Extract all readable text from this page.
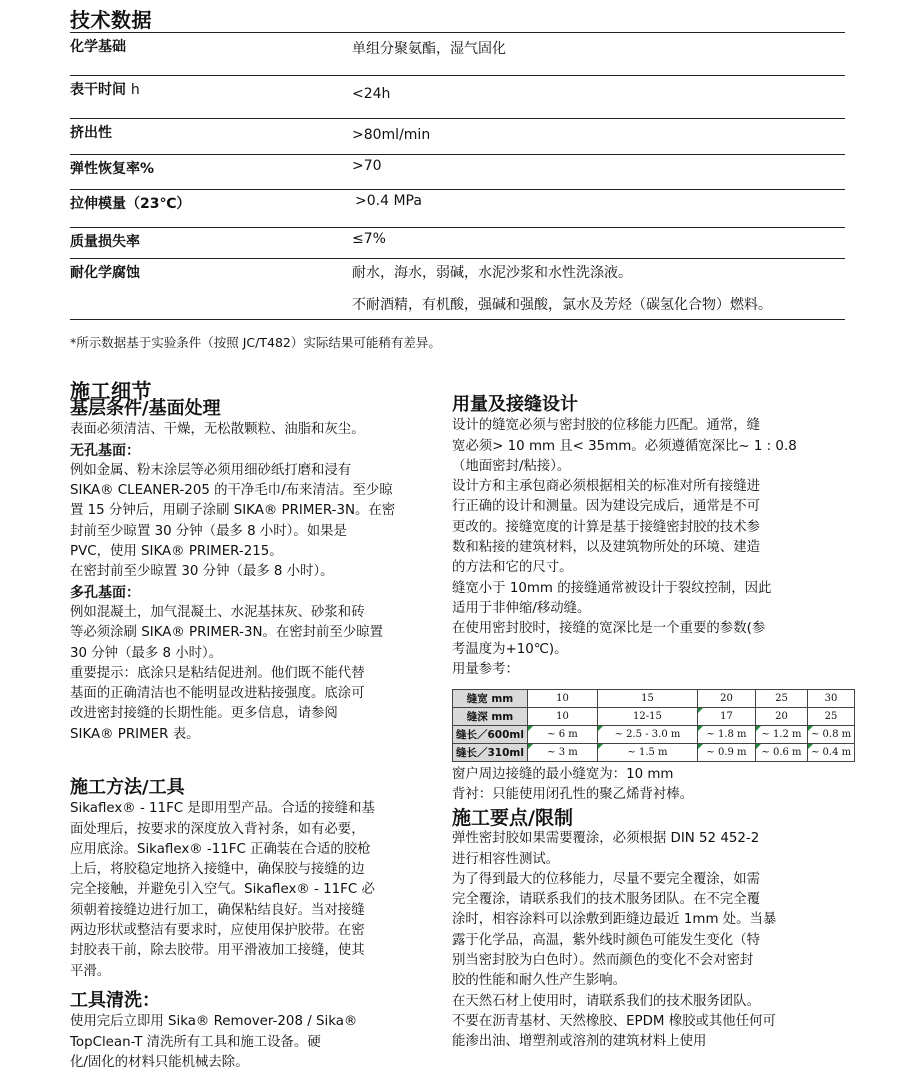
技术数据
化学基础	单组分聚氨酯，湿气固化
表干时间 h	<24h
挤出性	>80ml/min
弹性恢复率%	>70
拉伸模量（23℃）	>0.4 MPa
质量损失率	≤7%
耐化学腐蚀	耐水，海水，弱碱，水泥沙浆和水性洗涤液。
不耐酒精，有机酸，强碱和强酸，氯水及芳烃（碳氢化合物）燃料。
*所示数据基于实验条件（按照 JC/T482）实际结果可能稍有差异。
施工细节
基层条件/基面处理

表面必须清洁、干燥，无松散颗粒、油脂和灰尘。

无孔基面：

例如金属、粉末涂层等必须用细砂纸打磨和浸有

SIKA® CLEANER-205 的干净毛巾/布来清洁。至少晾

置 15 分钟后，用刷子涂刷 SIKA® PRIMER-3N。在密

封前至少晾置 30 分钟（最多 8 小时）。如果是

PVC，使用 SIKA® PRIMER-215。

在密封前至少晾置 30 分钟（最多 8 小时）。

多孔基面：

例如混凝土，加气混凝土、水泥基抹灰、砂浆和砖

等必须涂刷 SIKA® PRIMER-3N。在密封前至少晾置

30 分钟（最多 8 小时）。

重要提示：底涂只是粘结促进剂。他们既不能代替

基面的正确清洁也不能明显改进粘接强度。底涂可

改进密封接缝的长期性能。更多信息，请参阅

SIKA® PRIMER 表。

施工方法/工具

Sikaflex® - 11FC 是即用型产品。合适的接缝和基

面处理后，按要求的深度放入背衬条，如有必要，

应用底涂。Sikaflex® -11FC 正确装在合适的胶枪

上后，将胶稳定地挤入接缝中，确保胶与接缝的边

完全接触，并避免引入空气。Sikaflex® - 11FC 必

须朝着接缝边进行加工，确保粘结良好。当对接缝

两边形状或整洁有要求时，应使用保护胶带。在密

封胶表干前，除去胶带。用平滑液加工接缝，使其

平滑。

工具清洗：

使用完后立即用 Sika® Remover-208 / Sika®

TopClean-T 清洗所有工具和施工设备。硬

化/固化的材料只能机械去除。

用量及接缝设计

设计的缝宽必须与密封胶的位移能力匹配。通常，缝

宽必须> 10 mm 且< 35mm。必须遵循宽深比~ 1 : 0.8

（地面密封/粘接）。

设计方和主承包商必须根据相关的标准对所有接缝进

行正确的设计和测量。因为建设完成后，通常是不可

更改的。接缝宽度的计算是基于接缝密封胶的技术参

数和粘接的建筑材料，以及建筑物所处的环境、建造

的方法和它的尺寸。

缝宽小于 10mm 的接缝通常被设计于裂纹控制，因此

适用于非伸缩/移动缝。

在使用密封胶时，接缝的宽深比是一个重要的参数(参

考温度为+10℃)。

用量参考：

缝宽 mm	10	15	20	25	30
缝深 mm	10	12-15	17	20	25
缝长／600ml	~ 6 m	~ 2.5 - 3.0 m	~ 1.8 m	~ 1.2 m	~ 0.8 m
缝长／310ml	~ 3 m	~ 1.5 m	~ 0.9 m	~ 0.6 m	~ 0.4 m

窗户周边接缝的最小缝宽为：10 mm

背衬：只能使用闭孔性的聚乙烯背衬棒。

施工要点/限制

弹性密封胶如果需要覆涂，必须根据 DIN 52 452-2

进行相容性测试。

为了得到最大的位移能力，尽量不要完全覆涂，如需

完全覆涂，请联系我们的技术服务团队。在不完全覆

涂时，相容涂料可以涂敷到距缝边最近 1mm 处。当暴

露于化学品，高温，紫外线时颜色可能发生变化（特

别当密封胶为白色时）。然而颜色的变化不会对密封

胶的性能和耐久性产生影响。

在天然石材上使用时，请联系我们的技术服务团队。

不要在沥青基材、天然橡胶、EPDM 橡胶或其他任何可

能渗出油、增塑剂或溶剂的建筑材料上使用
